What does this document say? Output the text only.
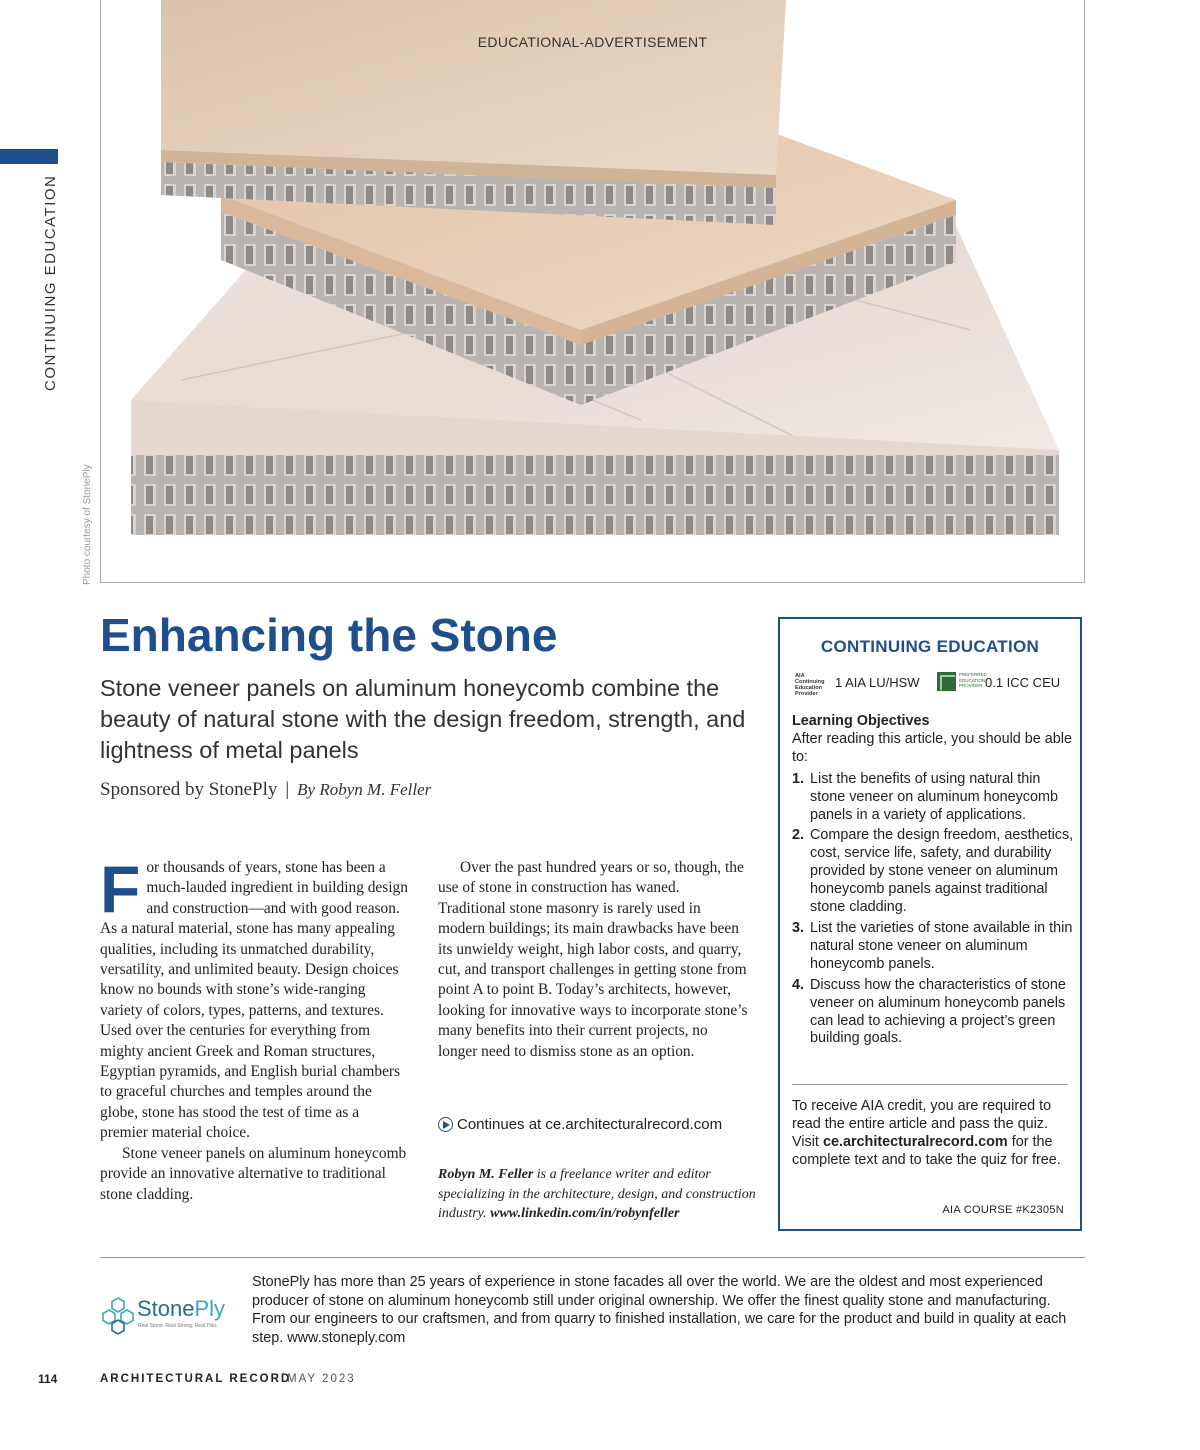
CONTINUING EDUCATION
Photo courtesy of StonePly
EDUCATIONAL-ADVERTISEMENT
Enhancing the Stone

Stone veneer panels on aluminum honeycomb combine the beauty of natural stone with the design freedom, strength, and lightness of metal panels

Sponsored by StonePly | By Robyn M. Feller

For thousands of years, stone has been a much-lauded ingredient in building design and construction—and with good reason. As a natural material, stone has many appealing qualities, including its unmatched durability, versatility, and unlimited beauty. Design choices know no bounds with stone’s wide-ranging variety of colors, types, patterns, and textures. Used over the centuries for everything from mighty ancient Greek and Roman structures, Egyptian pyramids, and English burial chambers to graceful churches and temples around the globe, stone has stood the test of time as a premier material choice.

Stone veneer panels on aluminum honeycomb provide an innovative alternative to traditional stone cladding.

Over the past hundred years or so, though, the use of stone in construction has waned. Traditional stone masonry is rarely used in modern buildings; its main drawbacks have been its unwieldy weight, high labor costs, and quarry, cut, and transport challenges in getting stone from point A to point B. Today’s architects, however, looking for innovative ways to incorporate stone’s many benefits into their current projects, no longer need to dismiss stone as an option.

Continues at ce.architecturalrecord.com

Robyn M. Feller is a freelance writer and editor specializing in the architecture, design, and construction industry. www.linkedin.com/in/robynfeller

CONTINUING EDUCATION
AIA Continuing Education Provider
1 AIA LU/HSW
PREFERRED EDUCATION PROVIDER 0.1 ICC CEU
Learning Objectives

After reading this article, you should be able to:

1. List the benefits of using natural thin stone veneer on aluminum honeycomb panels in a variety of applications.
2. Compare the design freedom, aesthetics, cost, service life, safety, and durability provided by stone veneer on aluminum honeycomb panels against traditional stone cladding.
3. List the varieties of stone available in thin natural stone veneer on aluminum honeycomb panels.
4. Discuss how the characteristics of stone veneer on aluminum honeycomb panels can lead to achieving a project’s green building goals.

To receive AIA credit, you are required to read the entire article and pass the quiz. Visit ce.architecturalrecord.com for the complete text and to take the quiz for free.

AIA COURSE #K2305N
StonePly
Real Stone. Real Strong. Real Thin.

StonePly has more than 25 years of experience in stone facades all over the world. We are the oldest and most experienced producer of stone on aluminum honeycomb still under original ownership. We offer the finest quality stone and manufacturing. From our engineers to our craftsmen, and from quarry to finished installation, we care for the product and build in quality at each step. www.stoneply.com

114	ARCHITECTURAL RECORD
MAY 2023
